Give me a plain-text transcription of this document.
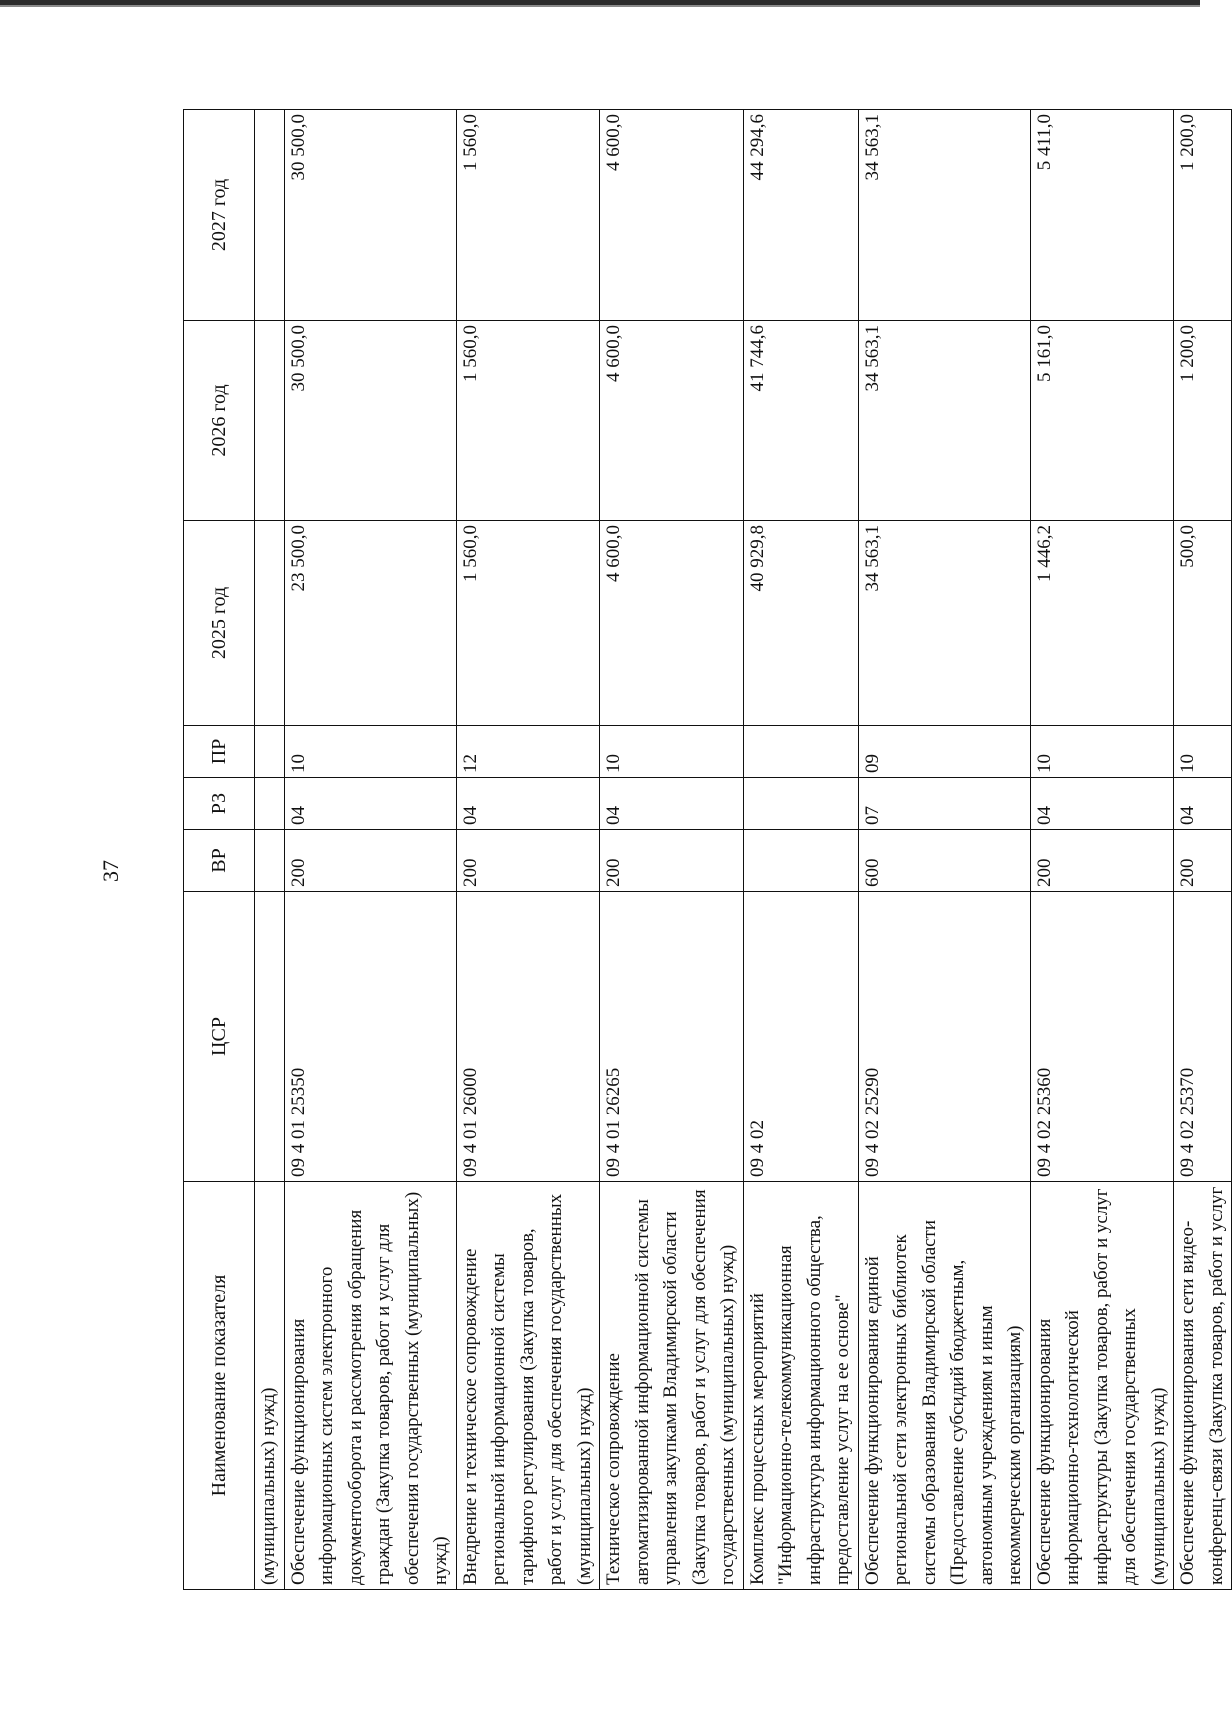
37
Наименование показателя	ЦСР	ВР	РЗ	ПР	2025 год	2026 год	2027 год
(муниципальных) нужд)							
Обеспечение функционирования информационных систем электронного документооборота и рассмотрения обращения граждан (Закупка товаров, работ и услуг для обеспечения государственных (муниципальных) нужд)	09 4 01 25350	200	04	10	23 500,0	30 500,0	30 500,0
Внедрение и техническое сопровождение региональной информационной системы тарифного регулирования (Закупка товаров, работ и услуг для обеспечения государственных (муниципальных) нужд)	09 4 01 26000	200	04	12	1 560,0	1 560,0	1 560,0
Техническое сопровождение автоматизированной информационной системы управления закупками Владимирской области (Закупка товаров, работ и услуг для обеспечения государственных (муниципальных) нужд)	09 4 01 26265	200	04	10	4 600,0	4 600,0	4 600,0
Комплекс процессных мероприятий "Информационно-телекоммуникационная инфраструктура информационного общества, предоставление услуг на ее основе"	09 4 02				40 929,8	41 744,6	44 294,6
Обеспечение функционирования единой региональной сети электронных библиотек системы образования Владимирской области (Предоставление субсидий бюджетным, автономным учреждениям и иным некоммерческим организациям)	09 4 02 25290	600	07	09	34 563,1	34 563,1	34 563,1
Обеспечение функционирования информационно-технологической инфраструктуры (Закупка товаров, работ и услуг для обеспечения государственных (муниципальных) нужд)	09 4 02 25360	200	04	10	1 446,2	5 161,0	5 411,0
Обеспечение функционирования сети видео-конференц-связи (Закупка товаров, работ и услуг	09 4 02 25370	200	04	10	500,0	1 200,0	1 200,0
